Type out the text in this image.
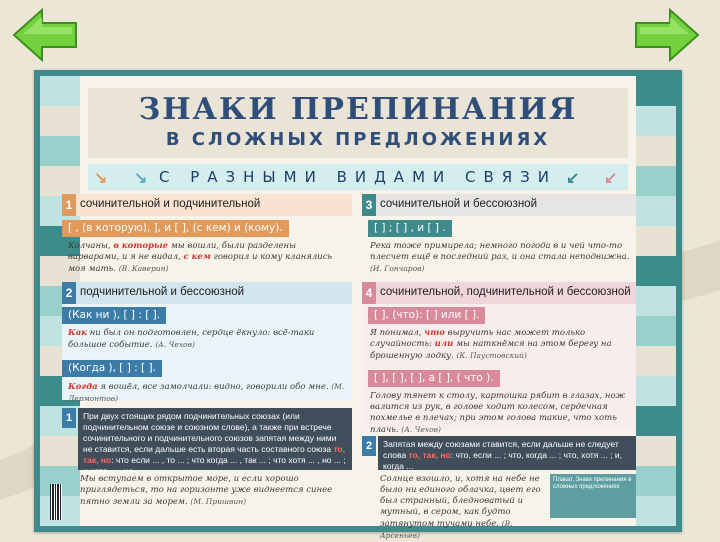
ЗНАКИ ПРЕПИНАНИЯ
В СЛОЖНЫХ ПРЕДЛОЖЕНИЯХ
↘ ↘ С РАЗНЫМИ ВИДАМИ СВЯЗИ ↙ ↙
1 сочинительной и подчинительной
[ , (в которую), ], и [ ], (с кем) и (кому).
Колчаны, в которые мы вошли, были разделены варварами, и я не видал, с кем говорил и кому кланялись моя мать. (В. Каверин)
3 сочинительной и бессоюзной
[ ] ; [ ] , и [ ] .
Река тоже примирела; немного погода в и чей что-то плесчет ещё в последний раз, и она стала неподвижна. (И. Гончаров)
2 подчинительной и бессоюзной
(Как ни ), [ ] : [ ].
Как ни был он подготовлен, сердце ёкнуло: всё-таки большое событие. (А. Чехов)
(Когда ), [ ] : [ ].
Когда я вошёл, все замолчали: видно, говорили обо мне. (М. Лермонтов)
4 сочинительной, подчинительной и бессоюзной
[ ], (что): [ ] или [ ].
Я понимал, что выручить нас может только случайность: или мы наткнёмся на этом берегу на брошенную лодку. (К. Паустовский)
[ ], [ ], [ ], а [ ], ( что ).
Голову тянет к столу, картошка рябит в глазах, нож валится из рук, в голове ходит колесом, сердечная похмелье в плечах; при этом голова такие, что хоть плачь. (А. Чехов)
1	При двух стоящих рядом подчинительных союзах (или подчинительном союзе и союзном слове), а также при встрече сочинительного и подчинительного союзов запятая между ними не ставится, если дальше есть вторая часть составного союза то, так, но: что если ... , то ... ; что когда ... , так ... ; что хотя ... , но ... ; и хотя ... , но ...
Мы вступаем в открытое море, и если хорошо приглядеться, то на горизонте уже виднеется синее пятно земли за морем. (М. Пришвин)
2	Запятая между союзами ставится, если дальше не следует слова то, так, но: что, если ... ; что, когда ... ; что, хотя ... ; и, когда ...
Солнце взошло, и, хотя на небе не было ни единого облачка, цвет его был странный, бледноватый и мутный, в сером, как будто затянутом тучами небе. (В. Арсеньев)
Плакат. Знаки препинания в сложных предложениях
